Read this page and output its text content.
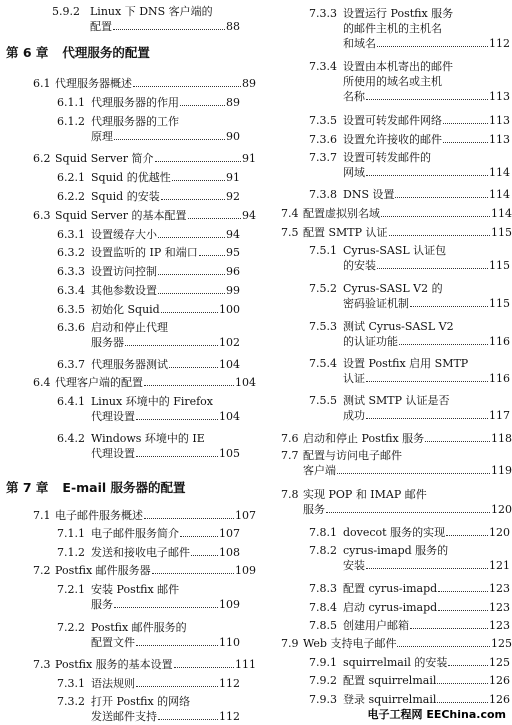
5.9.2 Linux 下 DNS 客户端的
配置	88
第 6 章 代理服务的配置
6.1 代理服务器概述	89
6.1.1 代理服务器的作用	89
6.1.2 代理服务器的工作
原理	90
6.2 Squid Server 简介	91
6.2.1 Squid 的优越性	91
6.2.2 Squid 的安装	92
6.3 Squid Server 的基本配置	94
6.3.1 设置缓存大小	94
6.3.2 设置监听的 IP 和端口	95
6.3.3 设置访问控制	96
6.3.4 其他参数设置	99
6.3.5 初始化 Squid	100
6.3.6 启动和停止代理
服务器	102
6.3.7 代理服务器测试	104
6.4 代理客户端的配置	104
6.4.1 Linux 环境中的 Firefox
代理设置	104
6.4.2 Windows 环境中的 IE
代理设置	105
第 7 章 E-mail 服务器的配置
7.1 电子邮件服务概述	107
7.1.1 电子邮件服务简介	107
7.1.2 发送和接收电子邮件	108
7.2 Postfix 邮件服务器	109
7.2.1 安装 Postfix 邮件
服务	109
7.2.2 Postfix 邮件服务的
配置文件	110
7.3 Postfix 服务的基本设置	111
7.3.1 语法规则	112
7.3.2 打开 Postfix 的网络
发送邮件支持	112
7.3.3 设置运行 Postfix 服务
的邮件主机的主机名
和域名	112
7.3.4 设置由本机寄出的邮件
所使用的域名或主机
名称	113
7.3.5 设置可转发邮件网络	113
7.3.6 设置允许接收的邮件	113
7.3.7 设置可转发邮件的
网域	114
7.3.8 DNS 设置	114
7.4 配置虚拟别名域	114
7.5 配置 SMTP 认证	115
7.5.1 Cyrus-SASL 认证包
的安装	115
7.5.2 Cyrus-SASL V2 的
密码验证机制	115
7.5.3 测试 Cyrus-SASL V2
的认证功能	116
7.5.4 设置 Postfix 启用 SMTP
认证	116
7.5.5 测试 SMTP 认证是否
成功	117
7.6 启动和停止 Postfix 服务	118
7.7 配置与访问电子邮件
客户端	119
7.8 实现 POP 和 IMAP 邮件
服务	120
7.8.1 dovecot 服务的实现	120
7.8.2 cyrus-imapd 服务的
安装	121
7.8.3 配置 cyrus-imapd	123
7.8.4 启动 cyrus-imapd	123
7.8.5 创建用户邮箱	123
7.9 Web 支持电子邮件	125
7.9.1 squirrelmail 的安装	125
7.9.2 配置 squirrelmail	126
7.9.3 登录 squirrelmail	126
电子工程网 EEChina.com
